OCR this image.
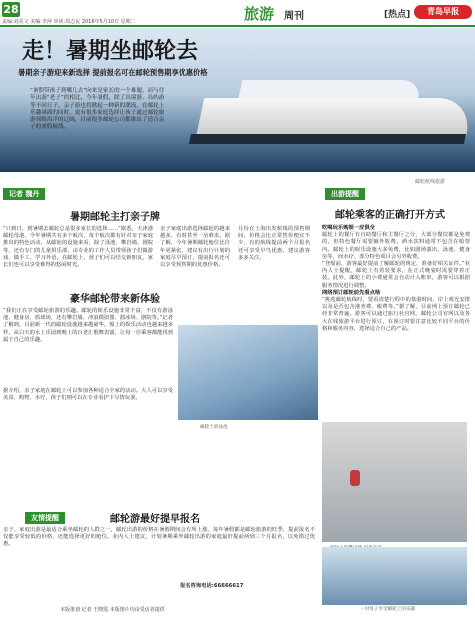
28
责编:刘美文 美编:李萍 审读:周志民 2016年5月10日 星期二	旅游 周刊	[热点]	青岛早报
走！暑期坐邮轮去
暑期亲子游迎来新选择 提前报名可在邮轮预售期享优惠价格
“暑假带孩子到哪儿去”向来是家长的一个难题，而与往年出游“老子”的相比，今年暑假，除了出境游、岛屿游等不同日子，亲子游也将掀起一种新的潮流，在邮轮上乐趣满满的同时，更有很多家庭选择让孩子通过邮轮旅游领略海洋的辽阔，目前很多邮轮公司都推出了适合亲子的暑假航线。
邮轮航线旅游
记者 魏丹
暑期邮轮主打亲子牌
“只到日，到暑期去邮轮总是很多家长的选择……”据悉，天津港邮轮母港，今年暑期共有多个航次，每个航次都有针对亲子家庭推出的特色活动。从邮轮的设施来看，除了泳池、攀岩墙、剧院等，还有专门的儿童俱乐部，由专业的工作人员带领孩子们做游戏、做手工、学习外语。在邮轮上，孩子们可以结交新朋友，家长们也可以享受难得的悠闲时光。
亲子家庭出游选择邮轮的越来越多，有时甚至一房难求。据了解，今年暑期邮轮舱位比往年更紧张，建议有出行计划的家庭尽早预订，提前报名还可以享受预售期的优惠价格。
月份在上海出发航线的预售期间，价格会比正常售价便宜不少，有的航线提前两个月报名还可享受早鸟优惠，建议游客多多关注。
豪华邮轮带来新体验
“我们正在享受邮轮旅游的乐趣。邮轮的娱乐设施非常丰富，不仅有游泳池、健身房、篮球场，还有攀岩墙、冲浪模拟器、溜冰场、剧院等。”记者了解到，目前新一代的邮轮设施越来越豪华，船上的娱乐活动也越来越多样，从白天的水上乐园到晚上的百老汇歌舞表演，让每一位乘客都能找到属于自己的乐趣。
据介绍，亲子家庭在邮轮上可以参加各种适合全家的活动。大人可以享受美食、购物、水疗，孩子们则可以在专业看护下尽情玩耍。
邮轮上的泳池
出游提醒
邮轮乘客的正确打开方式
吃喝玩乐购娱一应俱全
邮轮上的餐厅有自助餐厅和主餐厅之分，大部分餐饮都是免费的，但特色餐厅需要额外收费。酒水饮料通常不包含在船票内。邮轮上的娱乐设施大多免费，比如剧场演出、泳池、健身房等，而水疗、部分特色项目会另外收费。
“登船前，游客最好提前了解邮轮的规定，准备好相关证件。”业内人士提醒，邮轮上有着装要求，在正式晚宴时需要穿着正装。此外，邮轮上的小费通常会自动计入账单，游客可以根据服务情况进行调整。
网络预订邮轮前先看点啥
“挑选邮轮航线时，要看清楚行程中的靠港时间、岸上观光安排以及是否包含港务费、税费等。”据了解，目前网上预订邮轮已经非常普遍，游客可以通过旅行社官网、邮轮公司官网以及各大在线旅游平台进行预订。在预订时要注意比较不同平台的价格和服务内容，选择适合自己的产品。
一对母子享受邮轮上的乐趣
友情提醒	邮轮游最好提早报名
亲子、家庭出游是最适合乘坐邮轮的人群之一，邮轮出游的价格在暑假期间会有所上涨。每年暑假都是邮轮旅游的旺季，提前报名不仅能享受较低的价格，还能选择更好的舱位。业内人士建议，计划暑期乘坐邮轮出游的家庭最好提前两到三个月报名，以免错过优惠。
报名咨询电话:66666617
本版策划 记者 王晓霞 本版图片均由受访者提供
